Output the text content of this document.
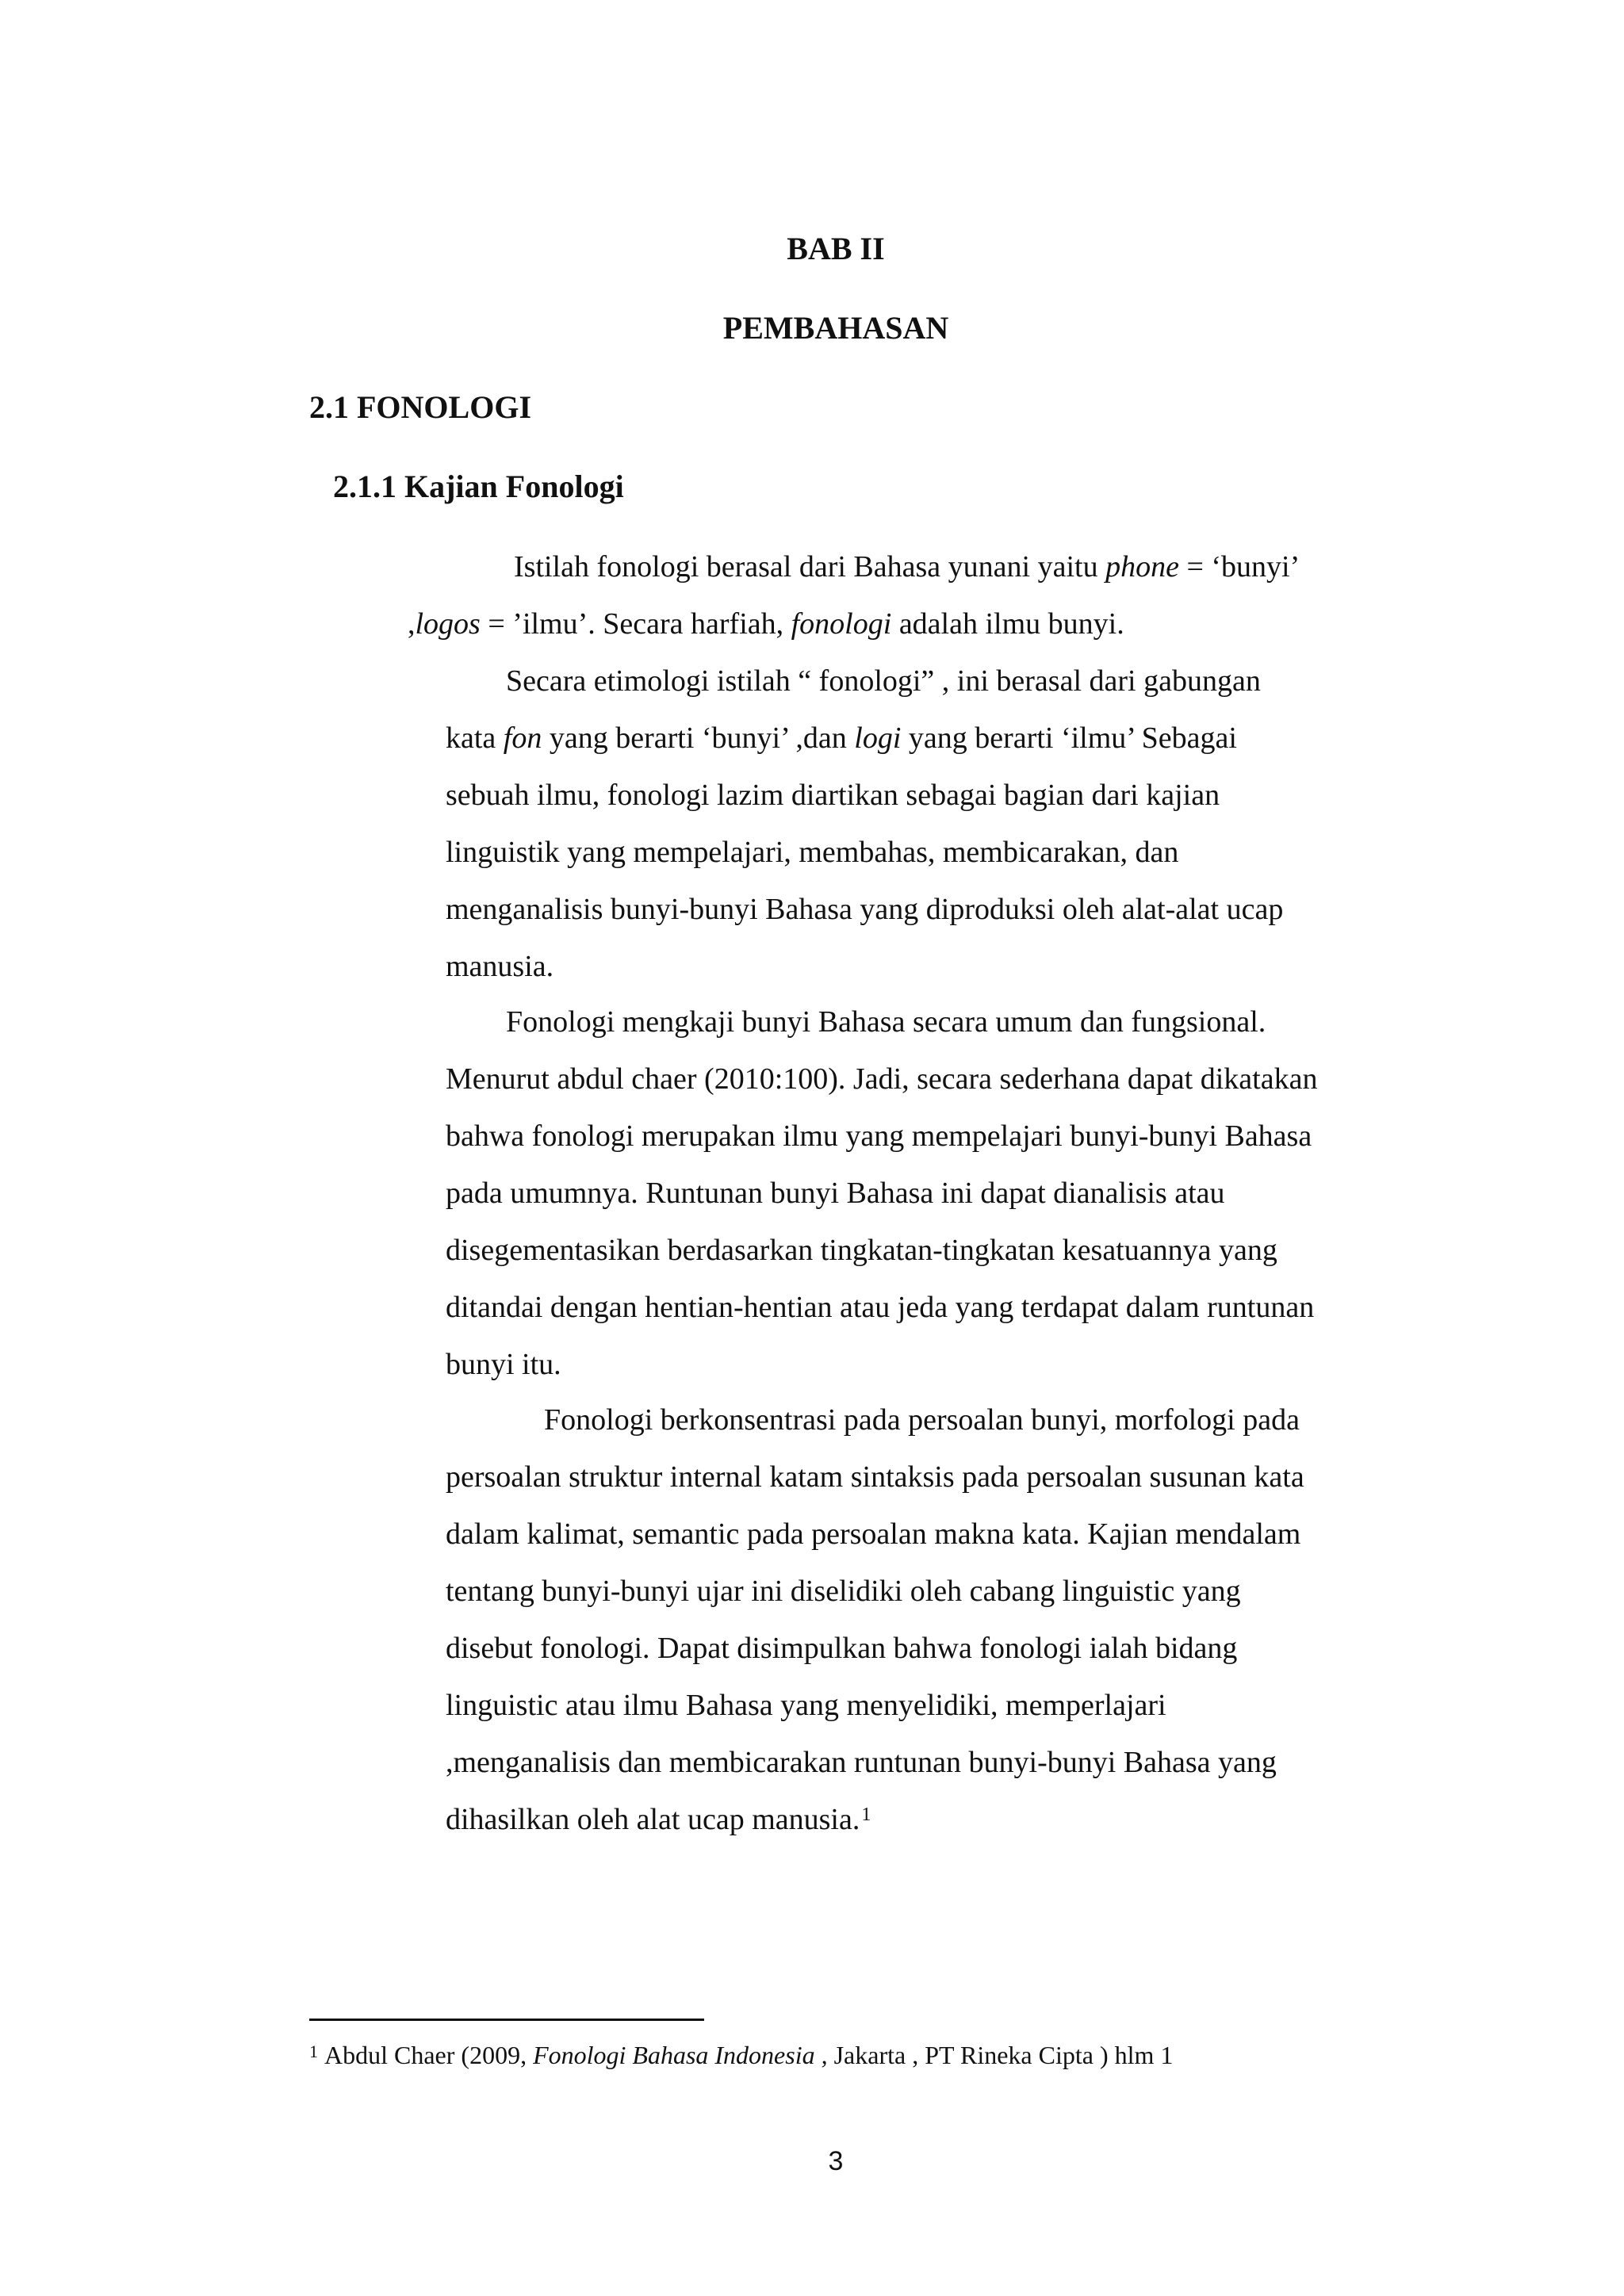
BAB II
PEMBAHASAN
2.1 FONOLOGI
2.1.1 Kajian Fonologi
Istilah fonologi berasal dari Bahasa yunani yaitu phone = ‘bunyi’
,logos = ’ilmu’. Secara harfiah, fonologi adalah ilmu bunyi.
Secara etimologi istilah “ fonologi” , ini berasal dari gabungan
kata fon yang berarti ‘bunyi’ ,dan logi yang berarti ‘ilmu’ Sebagai
sebuah ilmu, fonologi lazim diartikan sebagai bagian dari kajian
linguistik yang mempelajari, membahas, membicarakan, dan
menganalisis bunyi-bunyi Bahasa yang diproduksi oleh alat-alat ucap
manusia.
Fonologi mengkaji bunyi Bahasa secara umum dan fungsional.
Menurut abdul chaer (2010:100). Jadi, secara sederhana dapat dikatakan
bahwa fonologi merupakan ilmu yang mempelajari bunyi-bunyi Bahasa
pada umumnya. Runtunan bunyi Bahasa ini dapat dianalisis atau
disegementasikan berdasarkan tingkatan-tingkatan kesatuannya yang
ditandai dengan hentian-hentian atau jeda yang terdapat dalam runtunan
bunyi itu.
Fonologi berkonsentrasi pada persoalan bunyi, morfologi pada
persoalan struktur internal katam sintaksis pada persoalan susunan kata
dalam kalimat, semantic pada persoalan makna kata. Kajian mendalam
tentang bunyi-bunyi ujar ini diselidiki oleh cabang linguistic yang
disebut fonologi. Dapat disimpulkan bahwa fonologi ialah bidang
linguistic atau ilmu Bahasa yang menyelidiki, memperlajari
,menganalisis dan membicarakan runtunan bunyi-bunyi Bahasa yang
dihasilkan oleh alat ucap manusia.$^1$
$^1$ Abdul Chaer (2009, Fonologi Bahasa Indonesia , Jakarta , PT Rineka Cipta ) hlm 1
3
